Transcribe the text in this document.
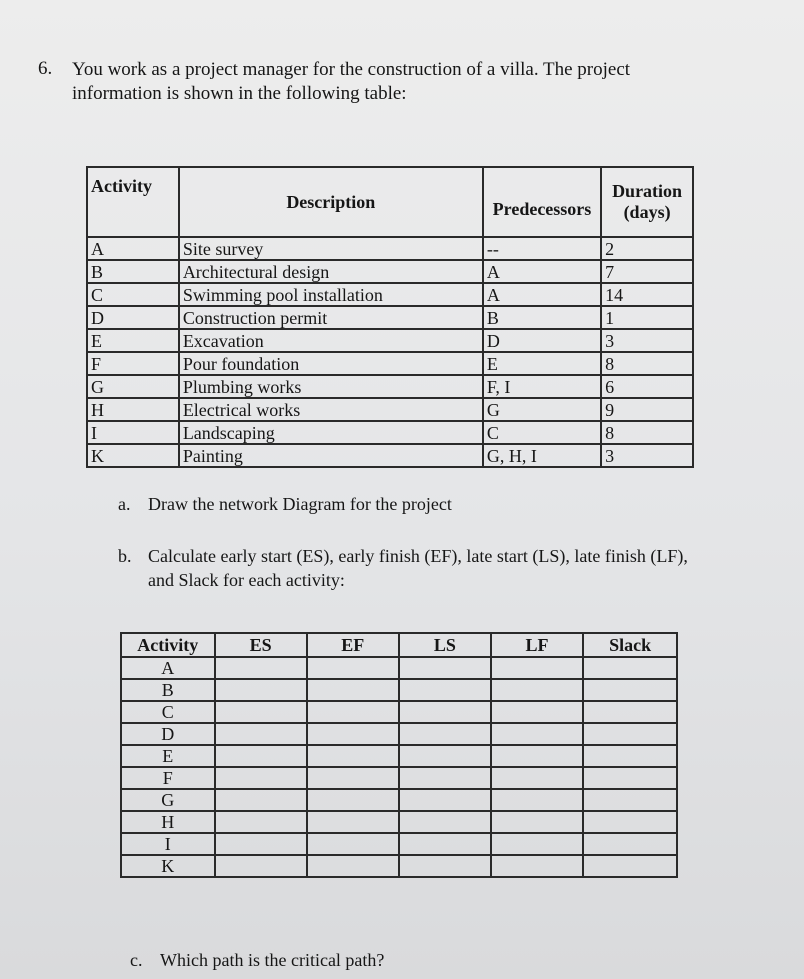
6. You work as a project manager for the construction of a villa. The project information is shown in the following table:
Activity	Description	Predecessors	Duration (days)
A	Site survey	--	2
B	Architectural design	A	7
C	Swimming pool installation	A	14
D	Construction permit	B	1
E	Excavation	D	3
F	Pour foundation	E	8
G	Plumbing works	F, I	6
H	Electrical works	G	9
I	Landscaping	C	8
K	Painting	G, H, I	3
a. Draw the network Diagram for the project
b. Calculate early start (ES), early finish (EF), late start (LS), late finish (LF),
and Slack for each activity:
Activity	ES	EF	LS	LF	Slack
A					
B					
C					
D					
E					
F					
G					
H					
I					
K					
c. Which path is the critical path?
